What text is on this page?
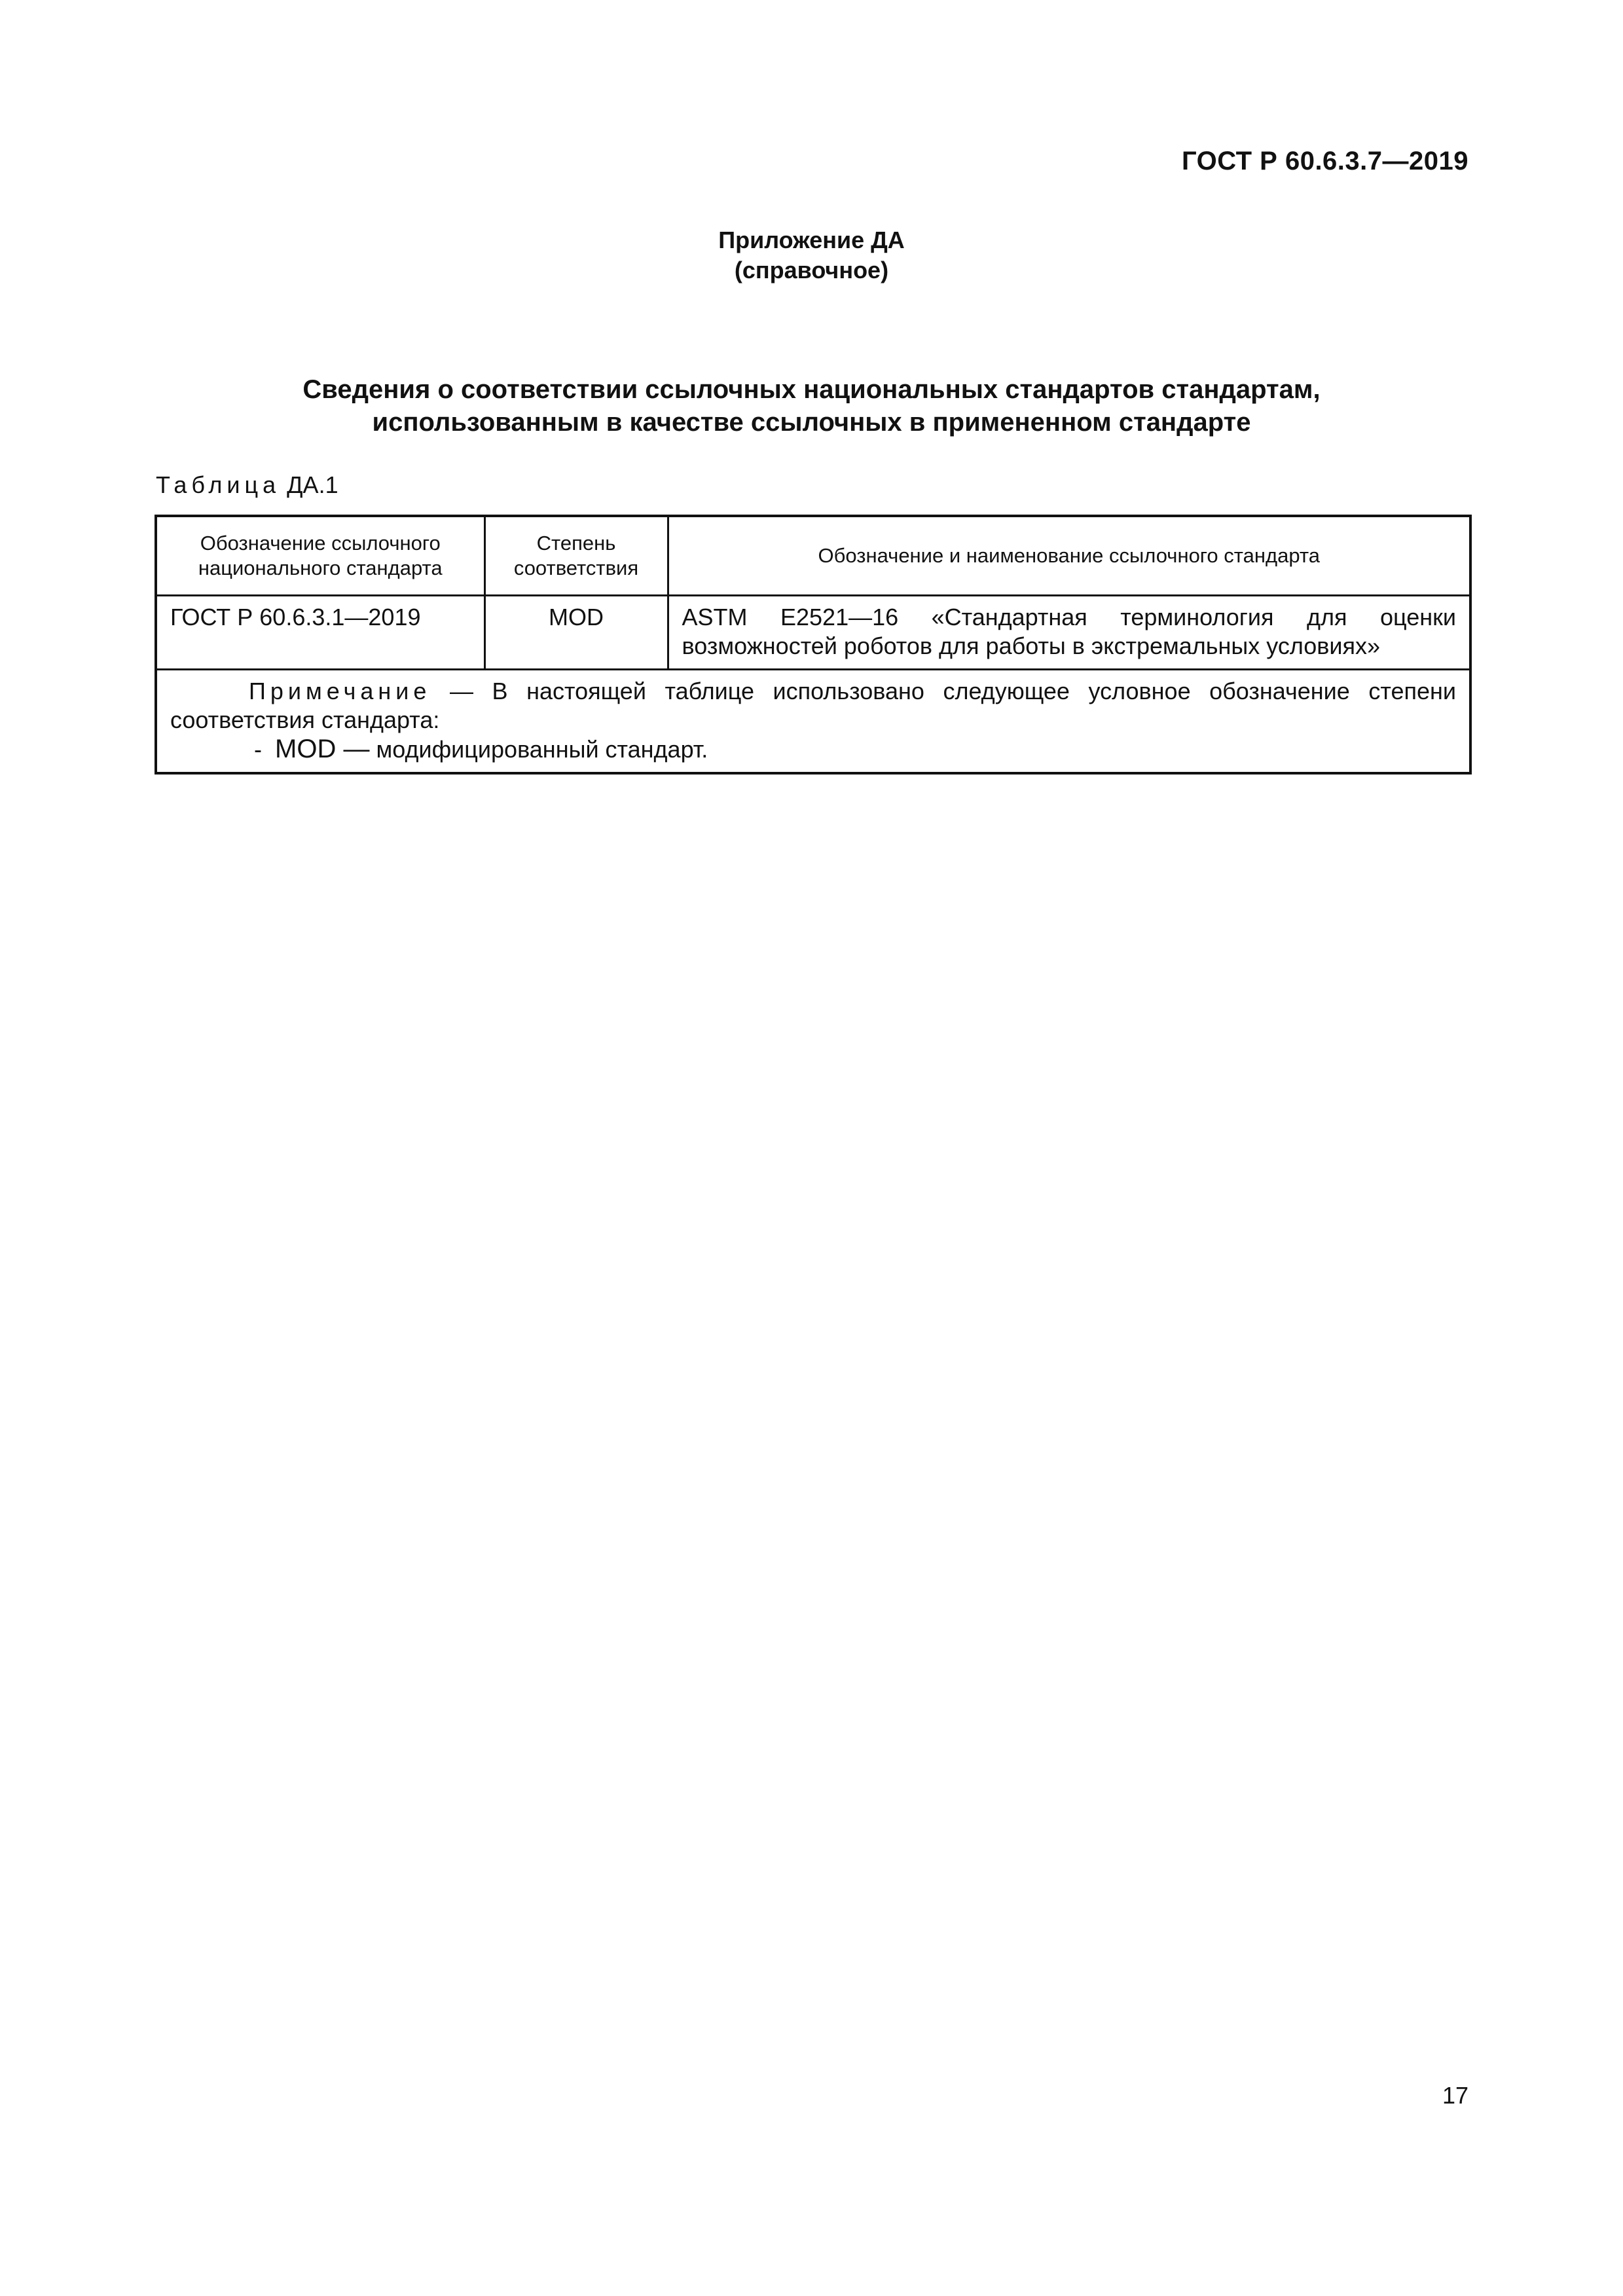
ГОСТ Р 60.6.3.7—2019
Приложение ДА
(справочное)
Сведения о соответствии ссылочных национальных стандартов стандартам,
использованным в качестве ссылочных в примененном стандарте
Таблица ДА.1
Обозначение ссылочного национального стандарта	Степень соответствия	Обозначение и наименование ссылочного стандарта
ГОСТ Р 60.6.3.1—2019	MOD	ASTM E2521—16 «Стандартная терминология для оценки возможностей роботов для работы в экстремальных условиях»

Примечание — В настоящей таблице использовано следующее условное обозначение степени соответствия стандарта:
- MOD — модифицированный стандарт.		
17
